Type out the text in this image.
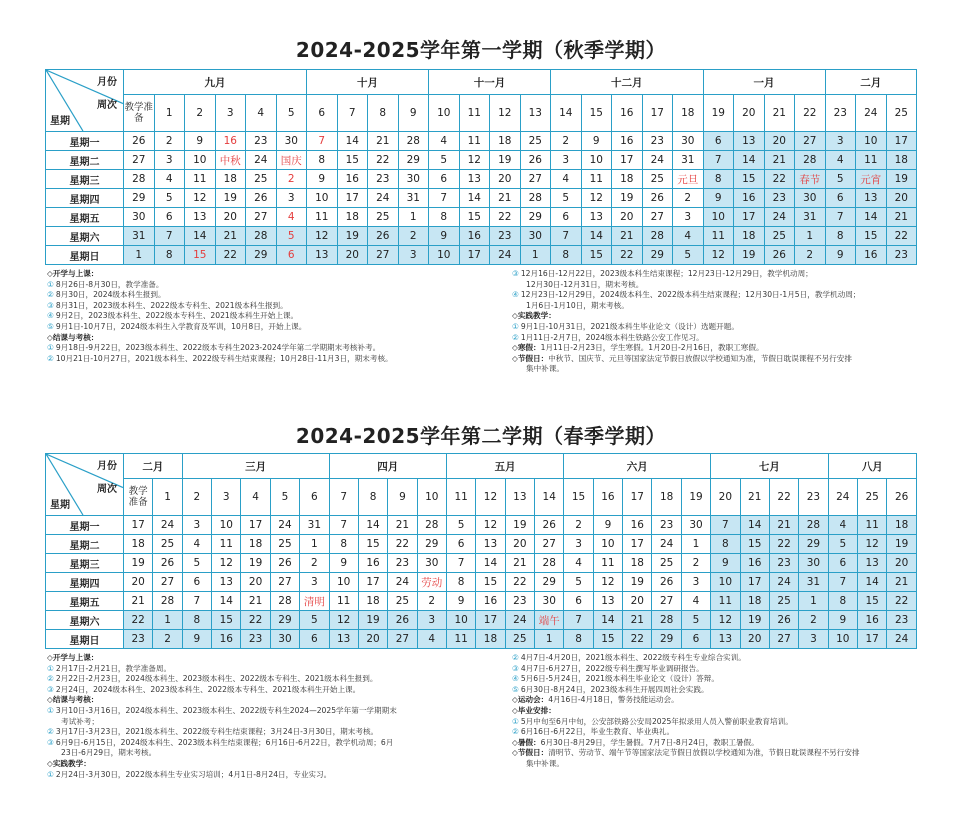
2024-2025学年第一学期（秋季学期）
月份
周次
星期	九月						十月				十一月				十二月					一月				二月		
	教学准备	1	2	3	4	5	6	7	8	9	10	11	12	13	14	15	16	17	18	19	20	21	22	23	24	25
星期一	26	2	9	16	23	30	7	14	21	28	4	11	18	25	2	9	16	23	30	6	13	20	27	3	10	17
星期二	27	3	10	中秋	24	国庆	8	15	22	29	5	12	19	26	3	10	17	24	31	7	14	21	28	4	11	18
星期三	28	4	11	18	25	2	9	16	23	30	6	13	20	27	4	11	18	25	元旦	8	15	22	春节	5	元宵	19
星期四	29	5	12	19	26	3	10	17	24	31	7	14	21	28	5	12	19	26	2	9	16	23	30	6	13	20
星期五	30	6	13	20	27	4	11	18	25	1	8	15	22	29	6	13	20	27	3	10	17	24	31	7	14	21
星期六	31	7	14	21	28	5	12	19	26	2	9	16	23	30	7	14	21	28	4	11	18	25	1	8	15	22
星期日	1	8	15	22	29	6	13	20	27	3	10	17	24	1	8	15	22	29	5	12	19	26	2	9	16	23
◇开学与上课：
① 8月26日-8月30日，教学准备。
② 8月30日，2024级本科生报到。
③ 8月31日，2023级本科生、2022级本专科生、2021级本科生报到。
④ 9月2日，2023级本科生、2022级本专科生、2021级本科生开始上课。
⑤ 9月1日-10月7日，2024级本科生入学教育及军训，10月8日，开始上课。
◇结课与考核：
① 9月18日-9月22日，2023级本科生、2022级本专科生2023-2024学年第二学期期末考核补考。
② 10月21日-10月27日，2021级本科生、2022级专科生结束课程；10月28日-11月3日，期末考核。
③ 12月16日-12月22日，2023级本科生结束课程；12月23日-12月29日，教学机动周；
12月30日-12月31日，期末考核。
④ 12月23日-12月29日，2024级本科生、2022级本科生结束课程；12月30日-1月5日，教学机动周；
1月6日-1月10日，期末考核。
◇实践教学：
① 9月1日-10月31日，2021级本科生毕业论文（设计）选题开题。
② 1月11日-2月7日，2024级本科生铁路公安工作见习。
◇寒假：1月11日-2月23日，学生寒假。1月20日-2月16日，教职工寒假。
◇节假日：中秋节、国庆节、元旦等国家法定节假日放假以学校通知为准，节假日耽误课程不另行安排
集中补课。
2024-2025学年第二学期（春季学期）
月份
周次
星期	二月		三月					四月				五月				六月					七月				八月		
	教学准备	1	2	3	4	5	6	7	8	9	10	11	12	13	14	15	16	17	18	19	20	21	22	23	24	25	26
星期一	17	24	3	10	17	24	31	7	14	21	28	5	12	19	26	2	9	16	23	30	7	14	21	28	4	11	18
星期二	18	25	4	11	18	25	1	8	15	22	29	6	13	20	27	3	10	17	24	1	8	15	22	29	5	12	19
星期三	19	26	5	12	19	26	2	9	16	23	30	7	14	21	28	4	11	18	25	2	9	16	23	30	6	13	20
星期四	20	27	6	13	20	27	3	10	17	24	劳动	8	15	22	29	5	12	19	26	3	10	17	24	31	7	14	21
星期五	21	28	7	14	21	28	清明	11	18	25	2	9	16	23	30	6	13	20	27	4	11	18	25	1	8	15	22
星期六	22	1	8	15	22	29	5	12	19	26	3	10	17	24	端午	7	14	21	28	5	12	19	26	2	9	16	23
星期日	23	2	9	16	23	30	6	13	20	27	4	11	18	25	1	8	15	22	29	6	13	20	27	3	10	17	24
◇开学与上课：
① 2月17日-2月21日，教学准备周。
② 2月22日-2月23日，2024级本科生、2023级本科生、2022级本专科生、2021级本科生报到。
③ 2月24日，2024级本科生、2023级本科生、2022级本专科生、2021级本科生开始上课。
◇结课与考核：
① 3月10日-3月16日，2024级本科生、2023级本科生、2022级专科生2024—2025学年第一学期期末
考试补考；
② 3月17日-3月23日，2021级本科生、2022级专科生结束课程；3月24日-3月30日，期末考核。
③ 6月9日-6月15日，2024级本科生、2023级本科生结束课程；6月16日-6月22日，教学机动周；6月
23日-6月29日，期末考核。
◇实践教学：
① 2月24日-3月30日，2022级本科生专业实习培训；4月1日-8月24日，专业实习。
② 4月7日-4月20日，2021级本科生、2022级专科生专业综合实训。
③ 4月7日-6月27日，2022级专科生撰写毕业调研报告。
④ 5月6日-5月24日，2021级本科生毕业论文（设计）答辩。
⑤ 6月30日-8月24日，2023级本科生开展四周社会实践。
◇运动会：4月16日-4月18日，警务技能运动会。
◇毕业安排：
① 5月中旬至6月中旬，公安部铁路公安局2025年拟录用人员入警前职业教育培训。
② 6月16日-6月22日，毕业生教育、毕业典礼。
◇暑假：6月30日-8月29日，学生暑假。7月7日-8月24日，教职工暑假。
◇节假日：清明节、劳动节、端午节等国家法定节假日放假以学校通知为准，节假日耽误课程不另行安排
集中补课。
